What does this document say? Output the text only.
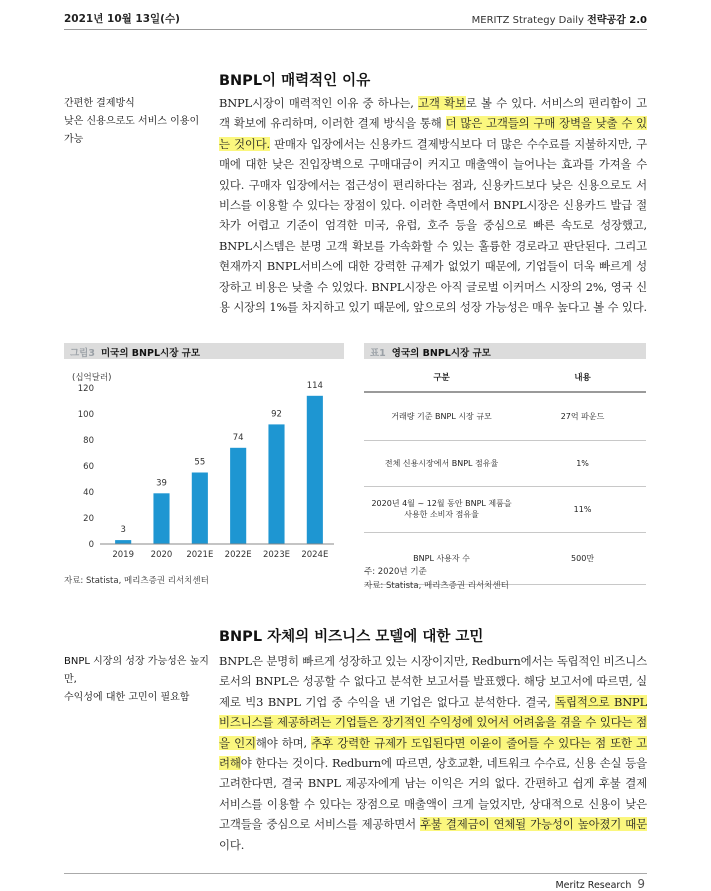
2021년 10월 13일(수)	MERITZ Strategy Daily 전략공감 2.0
BNPL이 매력적인 이유
간편한 결제방식
낮은 신용으로도 서비스 이용이
가능
BNPL시장이 매력적인 이유 중 하나는, 고객 확보로 볼 수 있다. 서비스의 편리함이 고객 확보에 유리하며, 이러한 결제 방식을 통해 더 많은 고객들의 구매 장벽을 낮출 수 있는 것이다. 판매자 입장에서는 신용카드 결제방식보다 더 많은 수수료를 지불하지만, 구매에 대한 낮은 진입장벽으로 구매대금이 커지고 매출액이 늘어나는 효과를 가져올 수 있다. 구매자 입장에서는 접근성이 편리하다는 점과, 신용카드보다 낮은 신용으로도 서비스를 이용할 수 있다는 장점이 있다. 이러한 측면에서 BNPL시장은 신용카드 발급 절차가 어렵고 기준이 엄격한 미국, 유럽, 호주 등을 중심으로 빠른 속도로 성장했고, BNPL시스템은 분명 고객 확보를 가속화할 수 있는 훌륭한 경로라고 판단된다. 그리고 현재까지 BNPL서비스에 대한 강력한 규제가 없었기 때문에, 기업들이 더욱 빠르게 성장하고 비용은 낮출 수 있었다. BNPL시장은 아직 글로벌 이커머스 시장의 2%, 영국 신용 시장의 1%를 차지하고 있기 때문에, 앞으로의 성장 가능성은 매우 높다고 볼 수 있다.
그림3 미국의 BNPL시장 규모
(십억달러)
0
20
40
60
80
100
120
3
39
55
74
92
114
2019 2020 2021E 2022E 2023E 2024E
자료: Statista, 메리츠증권 리서치센터
표1 영국의 BNPL시장 규모
구분	내용
거래량 기준 BNPL 시장 규모	27억 파운드
전체 신용시장에서 BNPL 점유율	1%
2020년 4월 ~ 12월 동안 BNPL 제품을
사용한 소비자 점유율	11%
BNPL 사용자 수	500만
주: 2020년 기준
자료: Statista, 메리츠증권 리서치센터
BNPL 자체의 비즈니스 모델에 대한 고민
BNPL 시장의 성장 가능성은 높지만,
수익성에 대한 고민이 필요함
BNPL은 분명히 빠르게 성장하고 있는 시장이지만, Redburn에서는 독립적인 비즈니스로서의 BNPL은 성공할 수 없다고 분석한 보고서를 발표했다. 해당 보고서에 따르면, 실제로 빅3 BNPL 기업 중 수익을 낸 기업은 없다고 분석한다. 결국, 독립적으로 BNPL 비즈니스를 제공하려는 기업들은 장기적인 수익성에 있어서 어려움을 겪을 수 있다는 점을 인지해야 하며, 추후 강력한 규제가 도입된다면 이윤이 줄어들 수 있다는 점 또한 고려해야 한다는 것이다. Redburn에 따르면, 상호교환, 네트워크 수수료, 신용 손실 등을 고려한다면, 결국 BNPL 제공자에게 남는 이익은 거의 없다. 간편하고 쉽게 후불 결제 서비스를 이용할 수 있다는 장점으로 매출액이 크게 늘었지만, 상대적으로 신용이 낮은 고객들을 중심으로 서비스를 제공하면서 후불 결제금이 연체될 가능성이 높아졌기 때문이다.
Meritz Research 9
